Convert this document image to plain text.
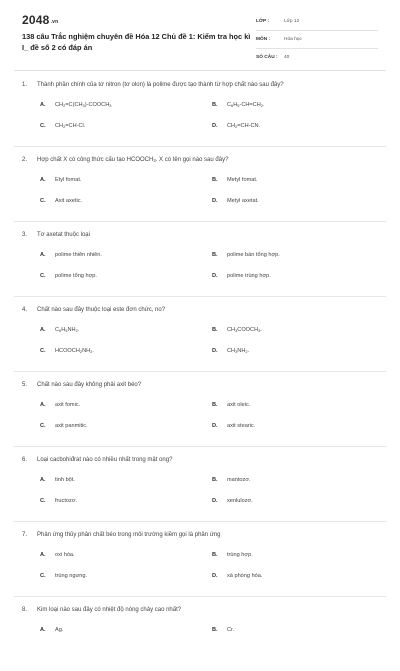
2048.vn
138 câu Trắc nghiệm chuyên đề Hóa 12 Chủ đề 1: Kiểm tra học kì I_ đề số 2 có đáp án
LỚP :	Lớp 12
MÔN :	Hóa học
SỐ CÂU :	40
1.	Thành phần chính của tơ nitron (tơ olon) là polime được tạo thành từ hợp chất nào sau đây?
A.	$CH_2=C(CH_3)-COOCH_3$	B.	$C_6H_5-CH=CH_2$.
C.	$CH_2=CH-Cl$.	D.	$CH_2=CH-CN$.
2.	Hợp chất X có công thức cấu tạo $HCOOCH_3$. X có tên gọi nào sau đây?
A.	Etyl fomat.	B.	Metyl fomat.
C.	Axit axetic.	D.	Metyl axetat.
3.	Tơ axetat thuộc loại
A.	polime thiên nhiên.	B.	polime bán tổng hợp.
C.	polime tổng hợp.	D.	polime trùng hợp.
4.	Chất nào sau đây thuộc loại este đơn chức, no?
A.	$C_6H_5NH_2$.	B.	$CH_3COOCH_3$.
C.	$HCOOCH_2NH_2$.	D.	$CH_3NH_2$.
5.	Chất nào sau đây không phải axit béo?
A.	axit fomic.	B.	axit oleic.
C.	axit panmitic.	D.	axit stearic.
6.	Loại cacbohiđrat nào có nhiều nhất trong mật ong?
A.	tinh bột.	B.	mantozơ.
C.	fructozơ.	D.	xenlulozơ.
7.	Phản ứng thủy phân chất béo trong môi trường kiềm gọi là phản ứng
A.	oxi hóa.	B.	trùng hợp.
C.	trùng ngưng.	D.	xà phòng hóa.
8.	Kim loại nào sau đây có nhiệt độ nóng chảy cao nhất?
A.	Ag.	B.	Cr.
